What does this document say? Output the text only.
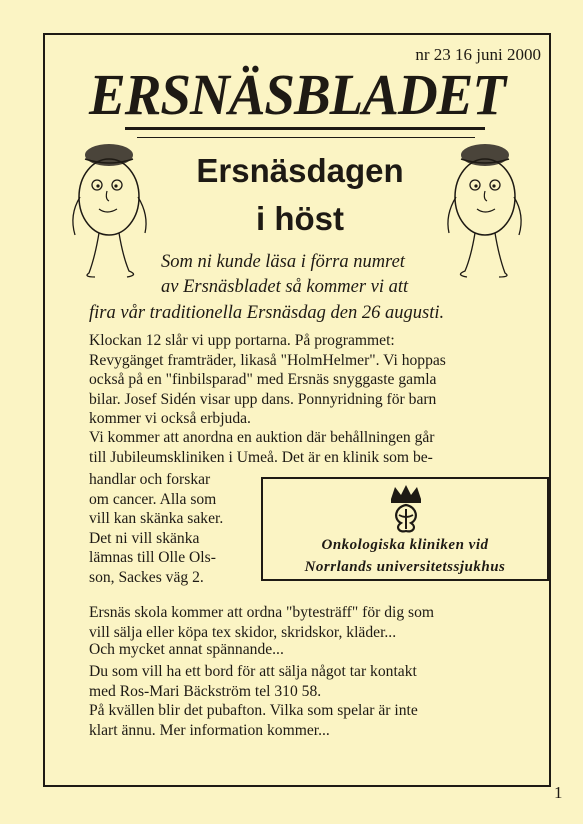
nr 23 16 juni 2000
ERSNÄSBLADET
Ersnäsdagen
i höst
Som ni kunde läsa i förra numret
av Ersnäsbladet så kommer vi att
fira vår traditionella Ersnäsdag den 26 augusti.
Klockan 12 slår vi upp portarna. På programmet:
Revygänget framträder, likaså "HolmHelmer". Vi hoppas
också på en "finbilsparad" med Ersnäs snyggaste gamla
bilar. Josef Sidén visar upp dans. Ponnyridning för barn
kommer vi också erbjuda.
Vi kommer att anordna en auktion där behållningen går
till Jubileumskliniken i Umeå. Det är en klinik som be-
handlar och forskar
om cancer. Alla som
vill kan skänka saker.
Det ni vill skänka
lämnas till Olle Ols-
son, Sackes väg 2.
Onkologiska kliniken vid
Norrlands universitetssjukhus
Ersnäs skola kommer att ordna "bytesträff" för dig som
vill sälja eller köpa tex skidor, skridskor, kläder...
Och mycket annat spännande...
Du som vill ha ett bord för att sälja något tar kontakt
med Ros-Mari Bäckström tel 310 58.
På kvällen blir det pubafton. Vilka som spelar är inte
klart ännu. Mer information kommer...
1
